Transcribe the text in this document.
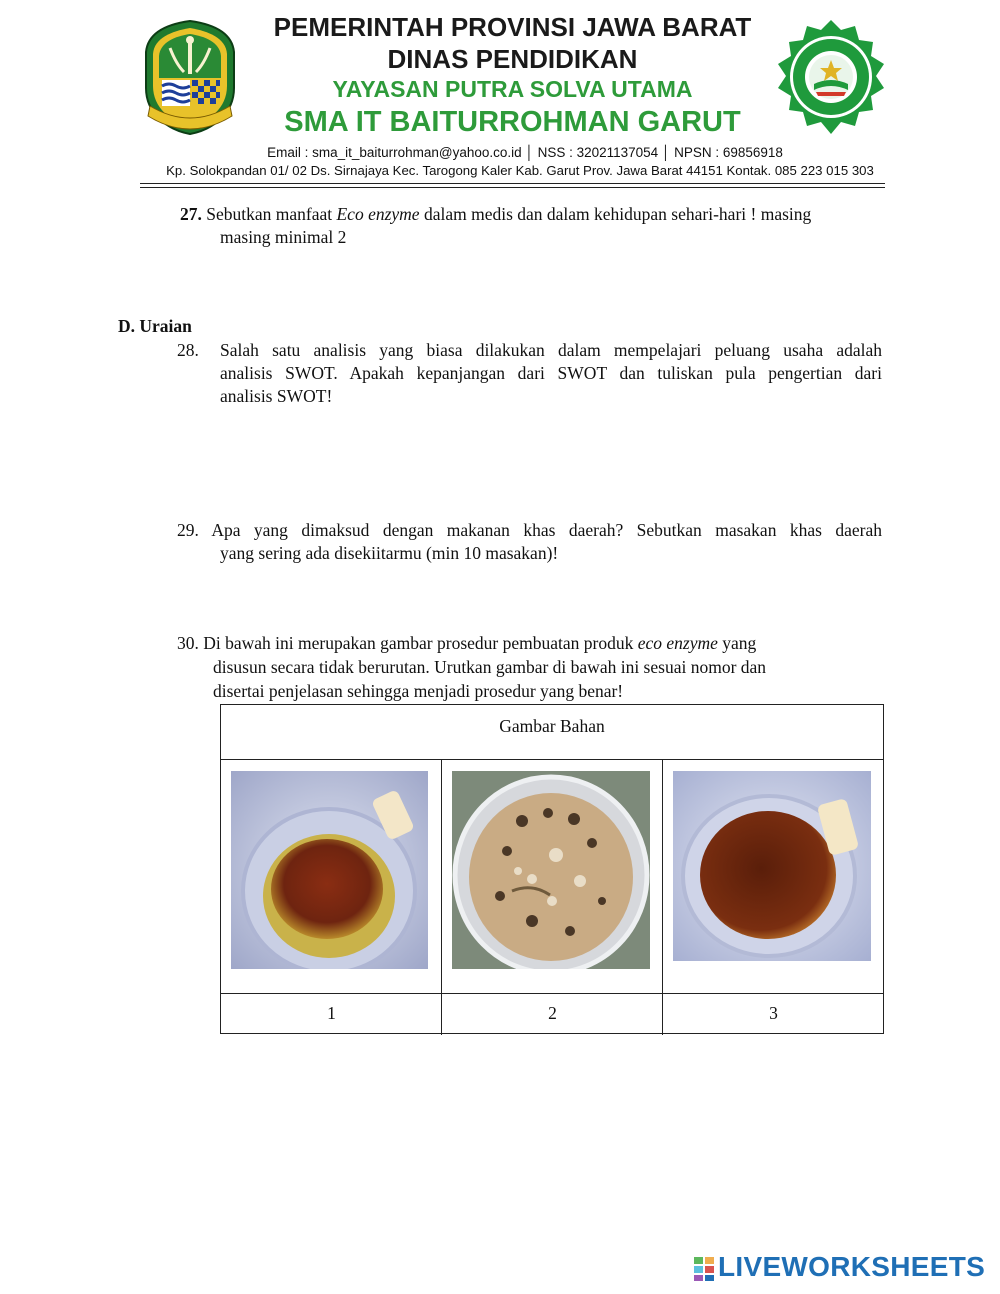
PEMERINTAH PROVINSI JAWA BARAT
DINAS PENDIDIKAN
YAYASAN PUTRA SOLVA UTAMA
SMA IT BAITURROHMAN GARUT
Email : sma_it_baiturrohman@yahoo.co.id │ NSS : 32021137054 │ NPSN : 69856918
Kp. Solokpandan 01/ 02 Ds. Sirnajaya Kec. Tarogong Kaler Kab. Garut Prov. Jawa Barat 44151 Kontak. 085 223 015 303
27. Sebutkan manfaat Eco enzyme dalam medis dan dalam kehidupan sehari-hari ! masing
masing minimal 2
D. Uraian
28. Salah satu analisis yang biasa dilakukan dalam mempelajari peluang usaha adalah
analisis SWOT. Apakah kepanjangan dari SWOT dan tuliskan pula pengertian dari
analisis SWOT!
29. Apa yang dimaksud dengan makanan khas daerah? Sebutkan masakan khas daerah
yang sering ada disekiitarmu (min 10 masakan)!
30. Di bawah ini merupakan gambar prosedur pembuatan produk eco enzyme yang
disusun secara tidak berurutan. Urutkan gambar di bawah ini sesuai nomor dan
disertai penjelasan sehingga menjadi prosedur yang benar!
Gambar Bahan
1	2	3
LIVEWORKSHEETS
